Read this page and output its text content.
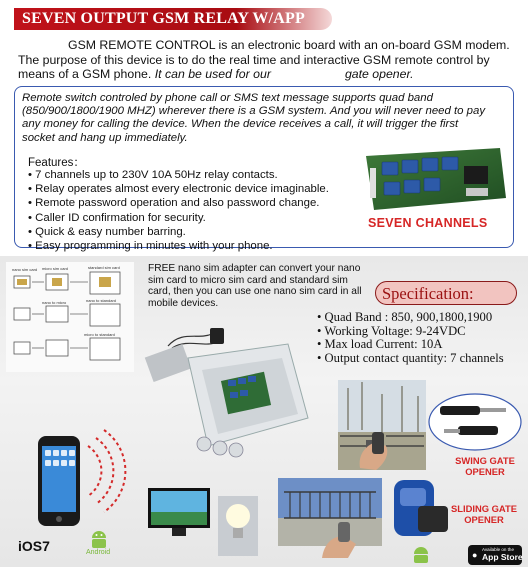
SEVEN OUTPUT GSM RELAY W/APP
GSM REMOTE CONTROL is an electronic board with an on-board GSM modem.
The purpose of this device is to do the real time and interactive GSM remote control by
means of a GSM phone. It can be used for our	gate opener.
Remote switch controled by phone call or SMS text message supports quad band
(850/900/1800/1900 MHZ) wherever there is a GSM system. And you will never need to pay
any money for calling the device. When the device receives a call, it will trigger the first
socket and hang up immediately.
Features：
• 7 channels up to 230V 10A 50Hz relay contacts.
• Relay operates almost every electronic device imaginable.
• Remote password operation and also password change.
• Caller ID confirmation for security.
• Quick & easy number barring.
• Easy programming in minutes with your phone.
SEVEN CHANNELS
nano sim card micro sim card	standard sim card
nano to micro	nano to standard
micro to standard
FREE nano sim adapter can convert your nano sim card to micro sim card and standard sim card, then you can use one nano sim card in all mobile devices.
Specification:
• Quad Band : 850, 900,1800,1900
• Working Voltage: 9-24VDC
• Max load Current: 10A
• Output contact quantity: 7 channels
SWING GATE
OPENER
SLIDING GATE
OPENER
iOS7	Android	●
Available on the
App Store
